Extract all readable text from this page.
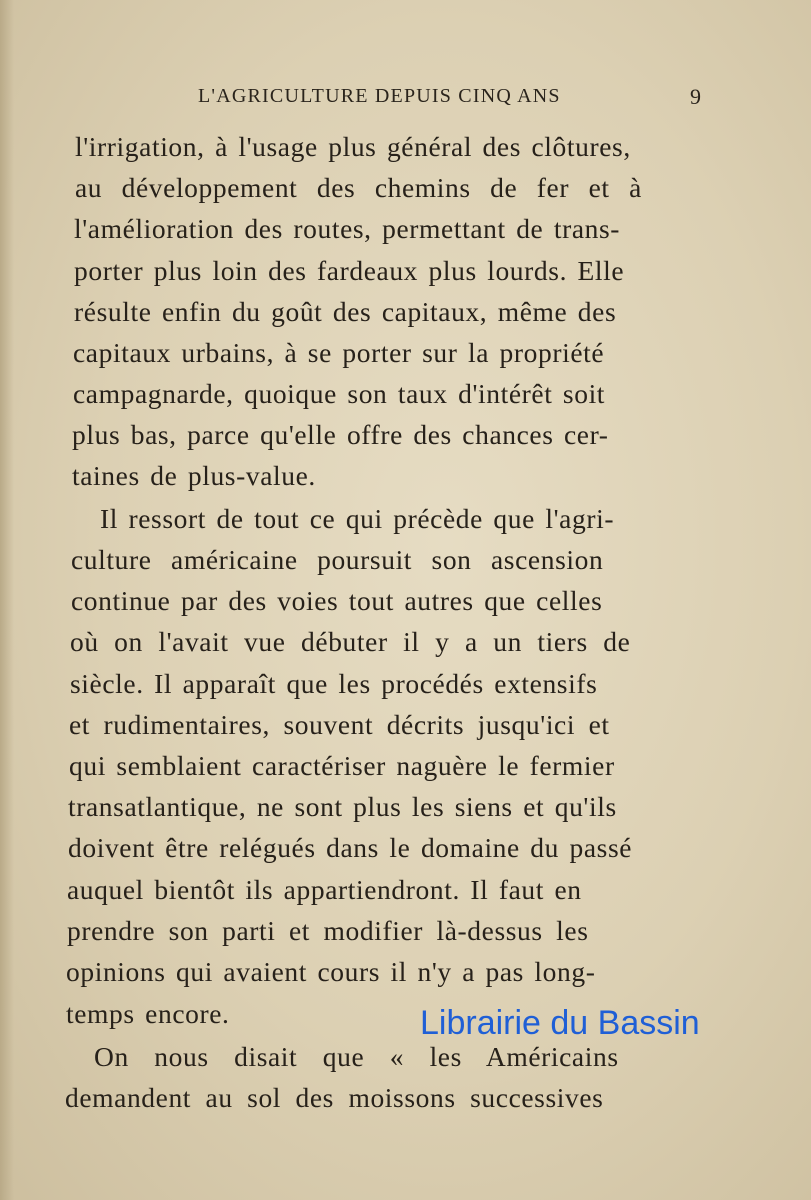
L'AGRICULTURE DEPUIS CINQ ANS	9
l'irrigation, à l'usage plus général des clôtures,
au développement des chemins de fer et à
l'amélioration des routes, permettant de trans-
porter plus loin des fardeaux plus lourds. Elle
résulte enfin du goût des capitaux, même des
capitaux urbains, à se porter sur la propriété
campagnarde, quoique son taux d'intérêt soit
plus bas, parce qu'elle offre des chances cer-
taines de plus-value.
Il ressort de tout ce qui précède que l'agri-
culture américaine poursuit son ascension
continue par des voies tout autres que celles
où on l'avait vue débuter il y a un tiers de
siècle. Il apparaît que les procédés extensifs
et rudimentaires, souvent décrits jusqu'ici et
qui semblaient caractériser naguère le fermier
transatlantique, ne sont plus les siens et qu'ils
doivent être relégués dans le domaine du passé
auquel bientôt ils appartiendront. Il faut en
prendre son parti et modifier là-dessus les
opinions qui avaient cours il n'y a pas long-
temps encore.
On nous disait que « les Américains
demandent au sol des moissons successives
Librairie du Bassin
